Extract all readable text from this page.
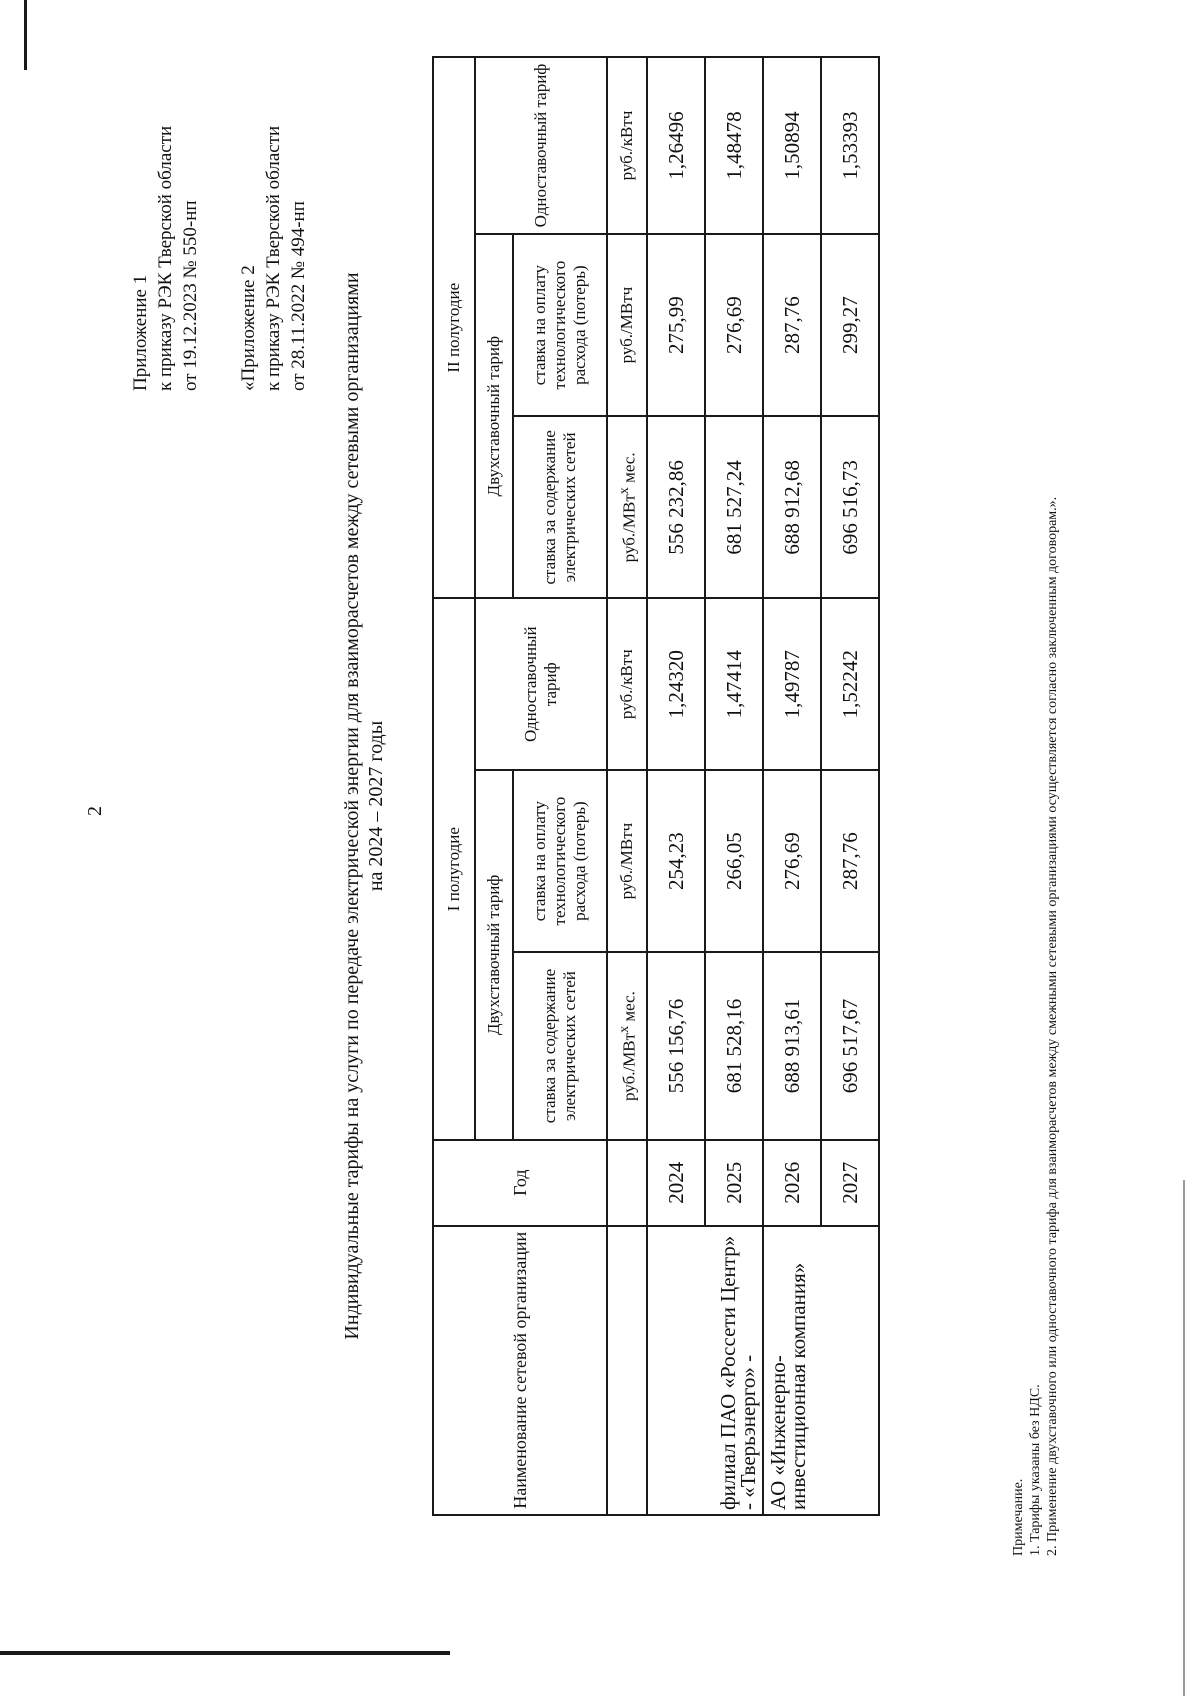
2
Приложение 1 к приказу РЭК Тверской области от 19.12.2023 № 550-нп «Приложение 2 к приказу РЭК Тверской области от 28.11.2022 № 494-нп Индивидуальные тарифы на услуги по передаче электрической энергии для взаиморасчетов между сетевыми организациями на 2024 – 2027 годы
Наименование сетевой организации	Год	I полугодие			II полугодие		
		Двухставочный тариф		Одноставочный тариф	Двухставочный тариф		Одноставочный тариф
		ставка за содержание электрических сетей	ставка на оплату технологического расхода (потерь)		ставка за содержание электрических сетей	ставка на оплату технологического расхода (потерь)	
		руб./МВт$^х$ мес.	руб./МВтч	руб./кВтч	руб./МВт$^х$ мес.	руб./МВтч	руб./кВтч
филиал ПАО «Россети Центр» - «Тверьэнерго» -	2024	556 156,76	254,23	1,24320	556 232,86	275,99	1,26496
	2025	681 528,16	266,05	1,47414	681 527,24	276,69	1,48478
АО «Инженерно-инвестиционная компания»	2026	688 913,61	276,69	1,49787	688 912,68	287,76	1,50894
	2027	696 517,67	287,76	1,52242	696 516,73	299,27	1,53393
Примечание. 1. Тарифы указаны без НДС. 2. Применение двухставочного или одноставочного тарифа для взаиморасчетов между смежными сетевыми организациями осуществляется согласно заключенным договорам.».
